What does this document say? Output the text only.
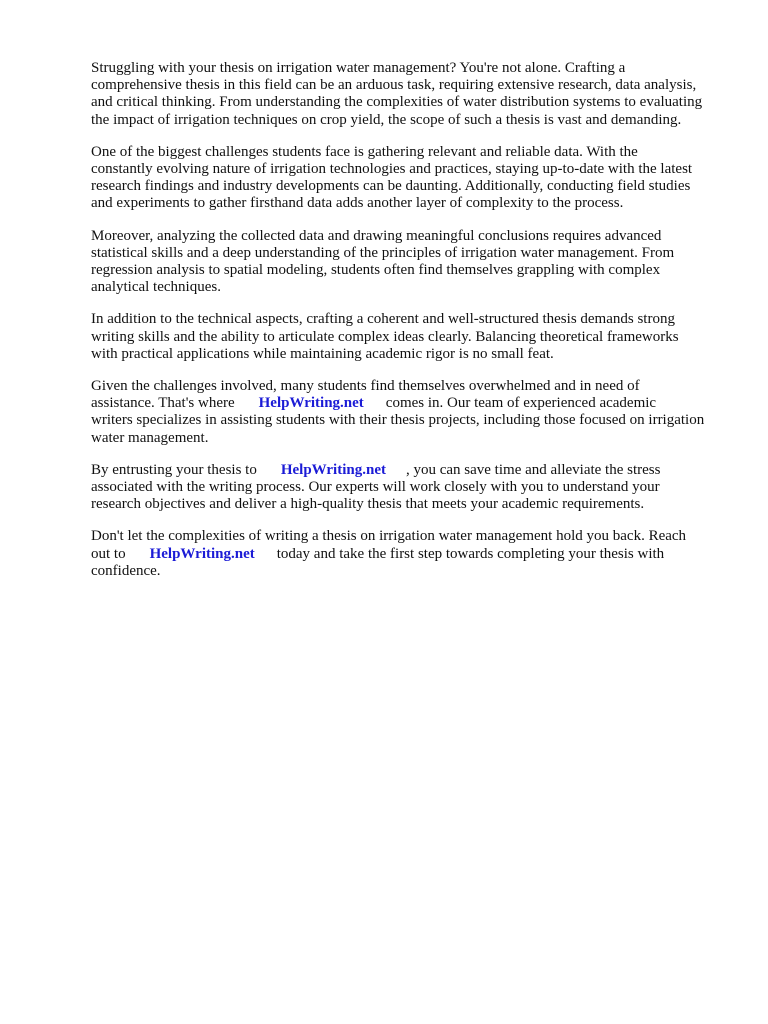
Struggling with your thesis on irrigation water management? You're not alone. Crafting a
comprehensive thesis in this field can be an arduous task, requiring extensive research, data analysis,
and critical thinking. From understanding the complexities of water distribution systems to evaluating
the impact of irrigation techniques on crop yield, the scope of such a thesis is vast and demanding.

One of the biggest challenges students face is gathering relevant and reliable data. With the
constantly evolving nature of irrigation technologies and practices, staying up-to-date with the latest
research findings and industry developments can be daunting. Additionally, conducting field studies
and experiments to gather firsthand data adds another layer of complexity to the process.

Moreover, analyzing the collected data and drawing meaningful conclusions requires advanced
statistical skills and a deep understanding of the principles of irrigation water management. From
regression analysis to spatial modeling, students often find themselves grappling with complex
analytical techniques.

In addition to the technical aspects, crafting a coherent and well-structured thesis demands strong
writing skills and the ability to articulate complex ideas clearly. Balancing theoretical frameworks
with practical applications while maintaining academic rigor is no small feat.

Given the challenges involved, many students find themselves overwhelmed and in need of
assistance. That's where HelpWriting.net comes in. Our team of experienced academic
writers specializes in assisting students with their thesis projects, including those focused on irrigation
water management.

By entrusting your thesis to HelpWriting.net , you can save time and alleviate the stress
associated with the writing process. Our experts will work closely with you to understand your
research objectives and deliver a high-quality thesis that meets your academic requirements.

Don't let the complexities of writing a thesis on irrigation water management hold you back. Reach
out to HelpWriting.net today and take the first step towards completing your thesis with
confidence.
